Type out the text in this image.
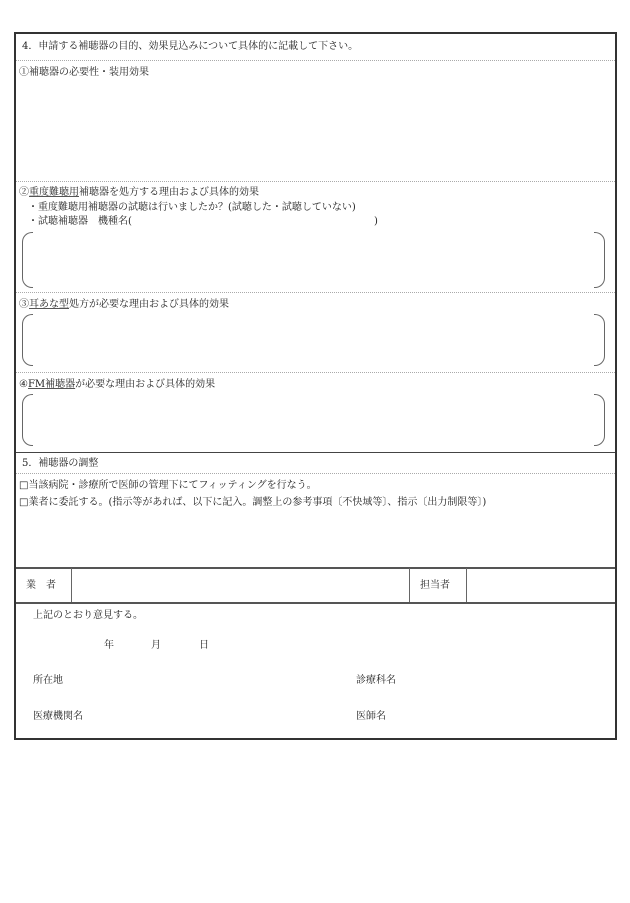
4．申請する補聴器の目的、効果見込みについて具体的に記載して下さい。
①補聴器の必要性・装用効果
②重度難聴用補聴器を処方する理由および具体的効果
・重度難聴用補聴器の試聴は行いましたか？(試聴した・試聴していない)
・試聴補聴器　機種名(	)
③耳あな型処方が必要な理由および具体的効果
④FM補聴器が必要な理由および具体的効果
5．補聴器の調整
□当該病院・診療所で医師の管理下にてフィッティングを行なう。
□業者に委託する。(指示等があれば、以下に記入。調整上の参考事項〔不快域等〕、指示〔出力制限等〕)
業　者	担当者
上記のとおり意見する。
年	月	日
所在地	診療科名
医療機関名	医師名
